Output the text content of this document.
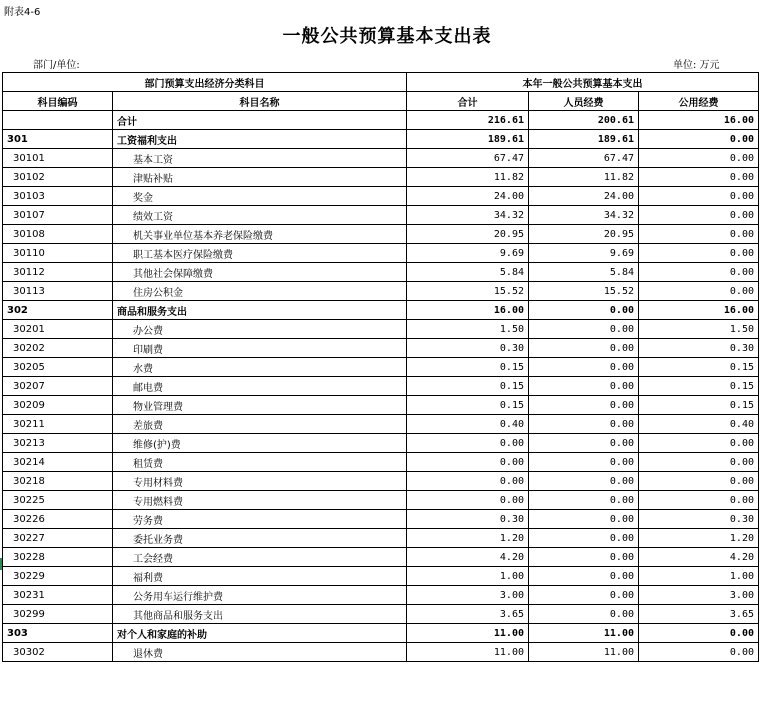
附表4-6
一般公共预算基本支出表
部门/单位:	单位: 万元
部门预算支出经济分类科目		本年一般公共预算基本支出		
科目编码	科目名称	合计	人员经费	公用经费
	合计	216.61	200.61	16.00
301	工资福利支出	189.61	189.61	0.00
30101	基本工资	67.47	67.47	0.00
30102	津贴补贴	11.82	11.82	0.00
30103	奖金	24.00	24.00	0.00
30107	绩效工资	34.32	34.32	0.00
30108	机关事业单位基本养老保险缴费	20.95	20.95	0.00
30110	职工基本医疗保险缴费	9.69	9.69	0.00
30112	其他社会保障缴费	5.84	5.84	0.00
30113	住房公积金	15.52	15.52	0.00
302	商品和服务支出	16.00	0.00	16.00
30201	办公费	1.50	0.00	1.50
30202	印刷费	0.30	0.00	0.30
30205	水费	0.15	0.00	0.15
30207	邮电费	0.15	0.00	0.15
30209	物业管理费	0.15	0.00	0.15
30211	差旅费	0.40	0.00	0.40
30213	维修(护)费	0.00	0.00	0.00
30214	租赁费	0.00	0.00	0.00
30218	专用材料费	0.00	0.00	0.00
30225	专用燃料费	0.00	0.00	0.00
30226	劳务费	0.30	0.00	0.30
30227	委托业务费	1.20	0.00	1.20
30228	工会经费	4.20	0.00	4.20
30229	福利费	1.00	0.00	1.00
30231	公务用车运行维护费	3.00	0.00	3.00
30299	其他商品和服务支出	3.65	0.00	3.65
303	对个人和家庭的补助	11.00	11.00	0.00
30302	退休费	11.00	11.00	0.00
